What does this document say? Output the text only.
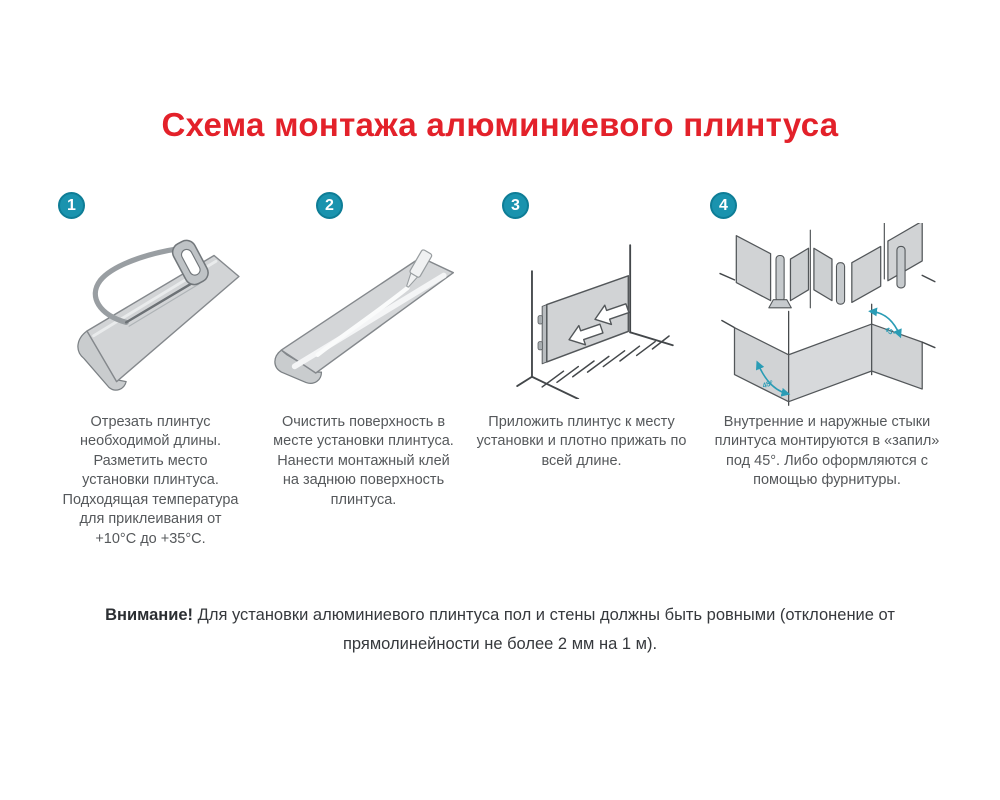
Схема монтажа алюминиевого плинтуса
1

Отрезать плинтус необходимой длины. Разметить место установки плинтуса. Подходящая температура для приклеивания от +10°С до +35°С.

2

Очистить поверхность в месте установки плинтуса. Нанести монтажный клей на заднюю поверхность плинтуса.

3

Приложить плинтус к месту установки и плотно прижать по всей длине.

4
45°
45°

Внутренние и наружные стыки плинтуса монтируются в «запил» под 45°. Либо оформляются с помощью фурнитуры.

Внимание! Для установки алюминиевого плинтуса пол и стены должны быть ровными (отклонение от прямолинейности не более 2 мм на 1 м).
